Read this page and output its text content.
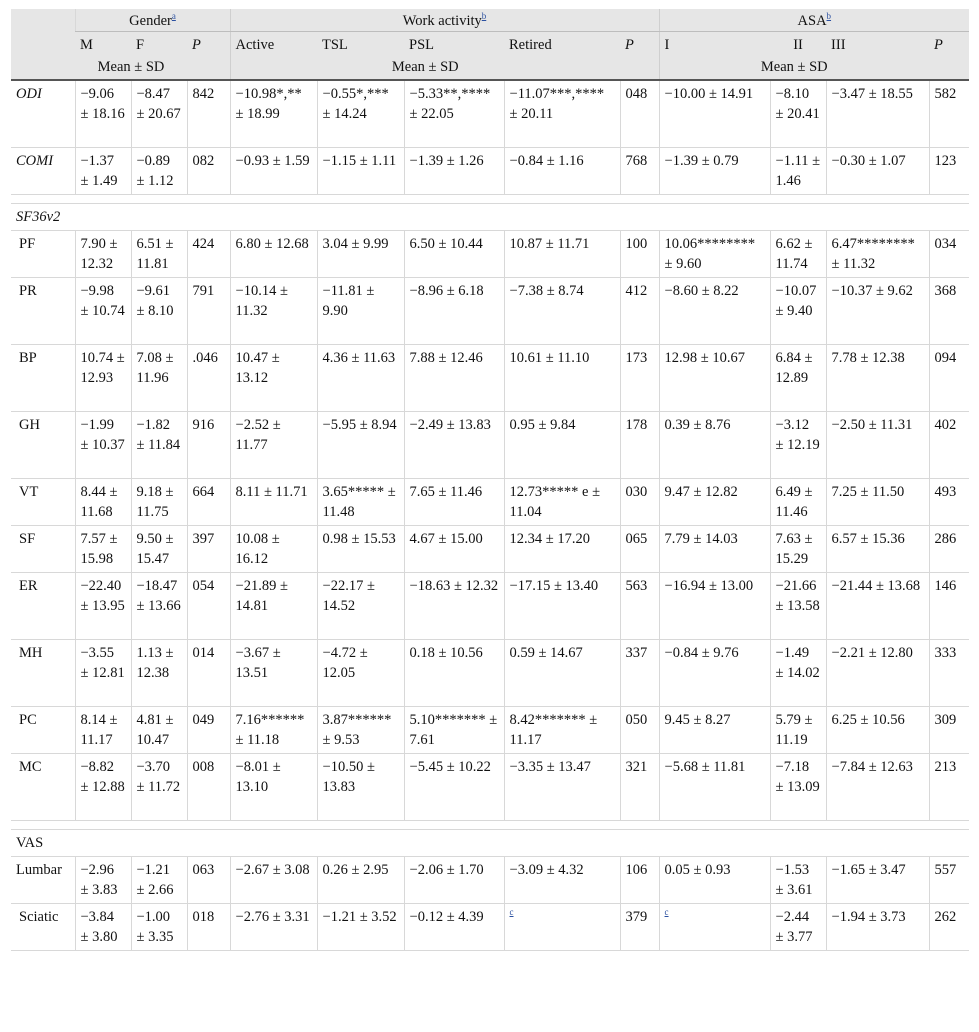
	Gender$^a$			Work activity$^b$					ASA$^b$
	M	F	P	Active	TSL	PSL	Retired	P	I	II	III	P
	Mean ± SD			Mean ± SD					Mean ± SD			
ODI	−9.06 ± 18.16	−8.47 ± 20.67	842	−10.98*,** ± 18.99	−0.55*,*** ± 14.24	−5.33**,**** ± 22.05	−11.07***,**** ± 20.11	048	−10.00 ± 14.91	−8.10 ± 20.41	−3.47 ± 18.55	582
COMI	−1.37 ± 1.49	−0.89 ± 1.12	082	−0.93 ± 1.59	−1.15 ± 1.11	−1.39 ± 1.26	−0.84 ± 1.16	768	−1.39 ± 0.79	−1.11 ± 1.46	−0.30 ± 1.07	123

SF36v2												
PF	7.90 ± 12.32	6.51 ± 11.81	424	6.80 ± 12.68	3.04 ± 9.99	6.50 ± 10.44	10.87 ± 11.71	100	10.06******** ± 9.60	6.62 ± 11.74	6.47******** ± 11.32	034
PR	−9.98 ± 10.74	−9.61 ± 8.10	791	−10.14 ± 11.32	−11.81 ± 9.90	−8.96 ± 6.18	−7.38 ± 8.74	412	−8.60 ± 8.22	−10.07 ± 9.40	−10.37 ± 9.62	368
BP	10.74 ± 12.93	7.08 ± 11.96	.046	10.47 ± 13.12	4.36 ± 11.63	7.88 ± 12.46	10.61 ± 11.10	173	12.98 ± 10.67	6.84 ± 12.89	7.78 ± 12.38	094
GH	−1.99 ± 10.37	−1.82 ± 11.84	916	−2.52 ± 11.77	−5.95 ± 8.94	−2.49 ± 13.83	0.95 ± 9.84	178	0.39 ± 8.76	−3.12 ± 12.19	−2.50 ± 11.31	402
VT	8.44 ± 11.68	9.18 ± 11.75	664	8.11 ± 11.71	3.65***** ± 11.48	7.65 ± 11.46	12.73***** e ± 11.04	030	9.47 ± 12.82	6.49 ± 11.46	7.25 ± 11.50	493
SF	7.57 ± 15.98	9.50 ± 15.47	397	10.08 ± 16.12	0.98 ± 15.53	4.67 ± 15.00	12.34 ± 17.20	065	7.79 ± 14.03	7.63 ± 15.29	6.57 ± 15.36	286
ER	−22.40 ± 13.95	−18.47 ± 13.66	054	−21.89 ± 14.81	−22.17 ± 14.52	−18.63 ± 12.32	−17.15 ± 13.40	563	−16.94 ± 13.00	−21.66 ± 13.58	−21.44 ± 13.68	146
MH	−3.55 ± 12.81	1.13 ± 12.38	014	−3.67 ± 13.51	−4.72 ± 12.05	0.18 ± 10.56	0.59 ± 14.67	337	−0.84 ± 9.76	−1.49 ± 14.02	−2.21 ± 12.80	333
PC	8.14 ± 11.17	4.81 ± 10.47	049	7.16****** ± 11.18	3.87****** ± 9.53	5.10******* ± 7.61	8.42******* ± 11.17	050	9.45 ± 8.27	5.79 ± 11.19	6.25 ± 10.56	309
MC	−8.82 ± 12.88	−3.70 ± 11.72	008	−8.01 ± 13.10	−10.50 ± 13.83	−5.45 ± 10.22	−3.35 ± 13.47	321	−5.68 ± 11.81	−7.18 ± 13.09	−7.84 ± 12.63	213

VAS												
Lumbar	−2.96 ± 3.83	−1.21 ± 2.66	063	−2.67 ± 3.08	0.26 ± 2.95	−2.06 ± 1.70	−3.09 ± 4.32	106	0.05 ± 0.93	−1.53 ± 3.61	−1.65 ± 3.47	557
Sciatic	−3.84 ± 3.80	−1.00 ± 3.35	018	−2.76 ± 3.31	−1.21 ± 3.52	−0.12 ± 4.39	$^c$	379	$^c$	−2.44 ± 3.77	−1.94 ± 3.73	262
